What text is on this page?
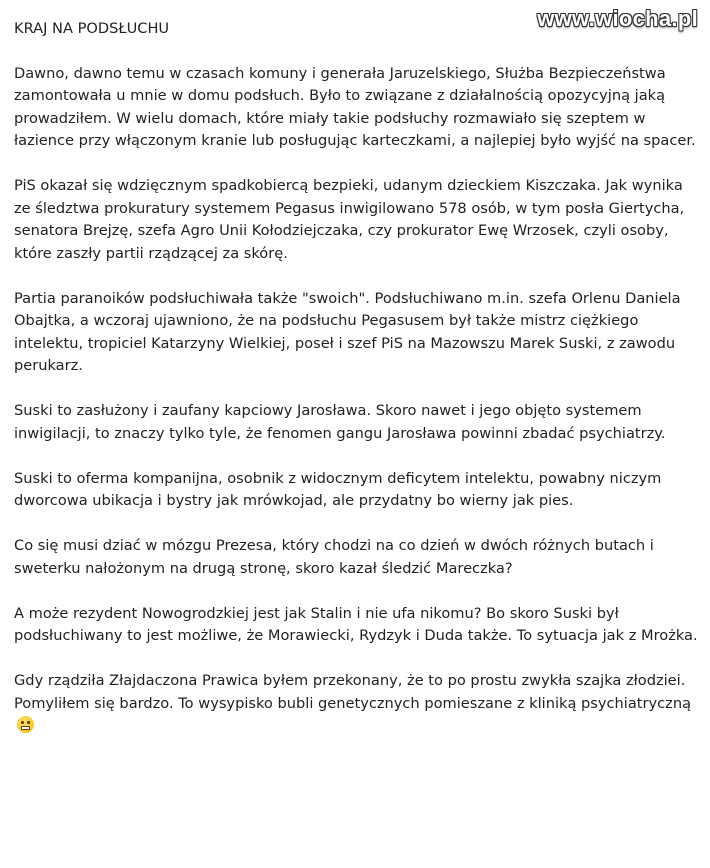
www.wiocha.pl
KRAJ NA PODSŁUCHU

Dawno, dawno temu w czasach komuny i generała Jaruzelskiego, Służba Bezpieczeństwa zamontowała u mnie w domu podsłuch. Było to związane z działalnością opozycyjną jaką prowadziłem. W wielu domach, które miały takie podsłuchy rozmawiało się szeptem w łazience przy włączonym kranie lub posługując karteczkami, a najlepiej było wyjść na spacer.

PiS okazał się wdzięcznym spadkobiercą bezpieki, udanym dzieckiem Kiszczaka. Jak wynika ze śledztwa prokuratury systemem Pegasus inwigilowano 578 osób, w tym posła Giertycha, senatora Brejzę, szefa Agro Unii Kołodziejczaka, czy prokurator Ewę Wrzosek, czyli osoby, które zaszły partii rządzącej za skórę.

Partia paranoików podsłuchiwała także "swoich". Podsłuchiwano m.in. szefa Orlenu Daniela Obajtka, a wczoraj ujawniono, że na podsłuchu Pegasusem był także mistrz ciężkiego intelektu, tropiciel Katarzyny Wielkiej, poseł i szef PiS na Mazowszu Marek Suski, z zawodu perukarz.

Suski to zasłużony i zaufany kapciowy Jarosława. Skoro nawet i jego objęto systemem inwigilacji, to znaczy tylko tyle, że fenomen gangu Jarosława powinni zbadać psychiatrzy.

Suski to oferma kompanijna, osobnik z widocznym deficytem intelektu, powabny niczym dworcowa ubikacja i bystry jak mrówkojad, ale przydatny bo wierny jak pies.

Co się musi dziać w mózgu Prezesa, który chodzi na co dzień w dwóch różnych butach i sweterku nałożonym na drugą stronę, skoro kazał śledzić Mareczka?

A może rezydent Nowogrodzkiej jest jak Stalin i nie ufa nikomu? Bo skoro Suski był podsłuchiwany to jest możliwe, że Morawiecki, Rydzyk i Duda także. To sytuacja jak z Mrożka.

Gdy rządziła Złajdaczona Prawica byłem przekonany, że to po prostu zwykła szajka złodziei. Pomyliłem się bardzo. To wysypisko bubli genetycznych pomieszane z kliniką psychiatryczną
